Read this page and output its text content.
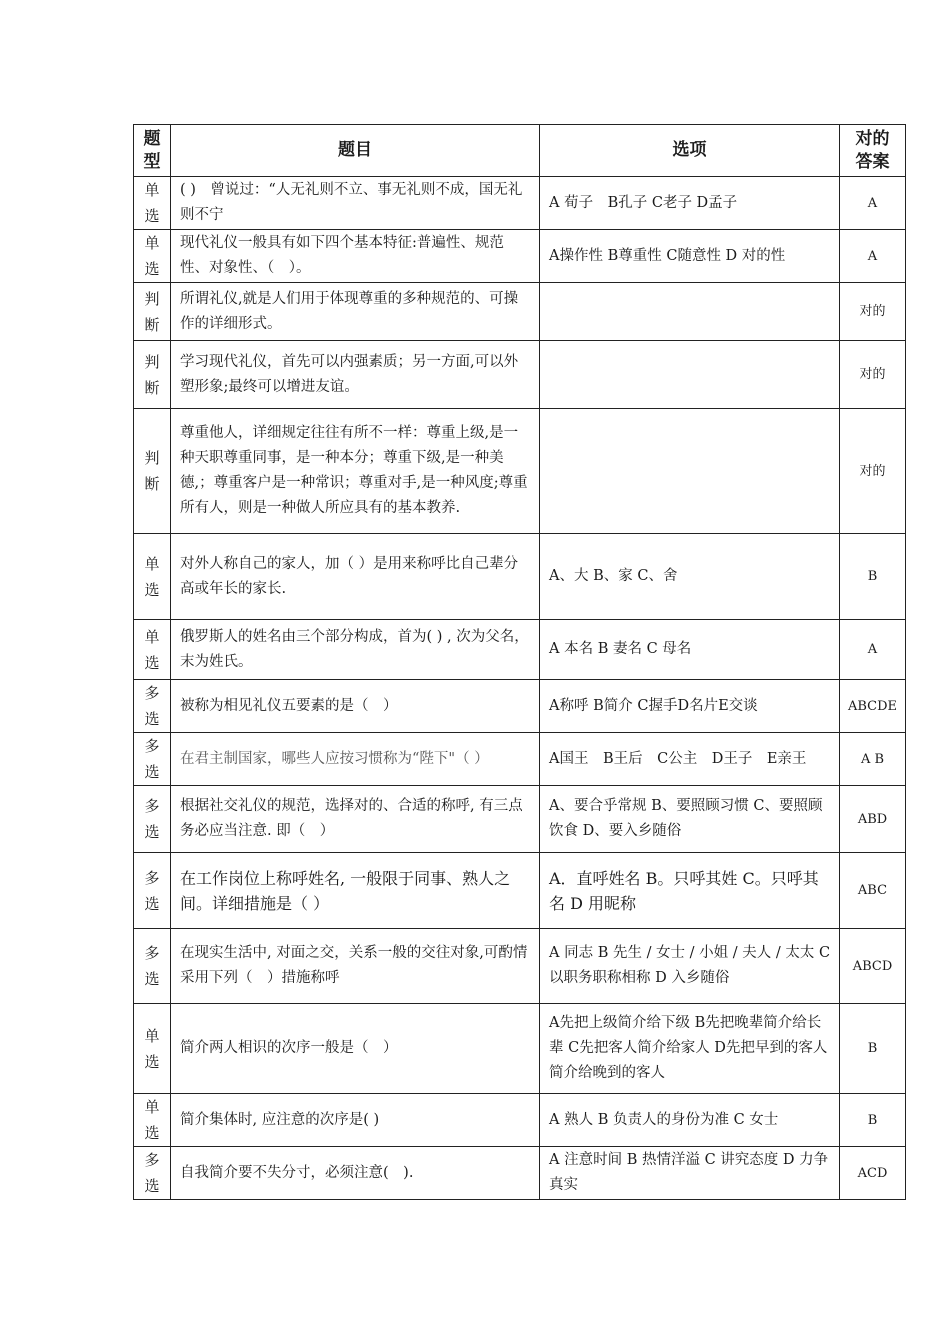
题型	题目	选项	对的答案
单选	( )　曾说过：“人无礼则不立、事无礼则不成，国无礼则不宁	A 荀子　B孔子 C老子 D孟子	A
单选	现代礼仪一般具有如下四个基本特征:普遍性、规范性、对象性、（　）。	A操作性 B尊重性 C随意性 D 对的性	A
判断	所谓礼仪,就是人们用于体现尊重的多种规范的、可操作的详细形式。		对的
判断	学习现代礼仪，首先可以内强素质；另一方面,可以外塑形象;最终可以增进友谊。		对的
判断	尊重他人，详细规定往往有所不一样：尊重上级,是一种天职尊重同事，是一种本分；尊重下级,是一种美德,；尊重客户是一种常识；尊重对手,是一种风度;尊重所有人，则是一种做人所应具有的基本教养.		对的
单选	对外人称自己的家人，加（ ）是用来称呼比自己辈分高或年长的家长.	A、大 B、家 C、舍	B
单选	俄罗斯人的姓名由三个部分构成，首为( ) , 次为父名，末为姓氏。	A 本名 B 妻名 C 母名	A
多选	被称为相见礼仪五要素的是（　）	A称呼 B简介 C握手D名片E交谈	ABCDE
多选	在君主制国家，哪些人应按习惯称为“陛下"（ ）	A国王　B王后　C公主　D王子　E亲王	A B
多选	根据社交礼仪的规范，选择对的、合适的称呼, 有三点务必应当注意. 即（　）	A、要合乎常规 B、要照顾习惯 C、要照顾饮食 D、要入乡随俗	ABD
多选	在工作岗位上称呼姓名, 一般限于同事、熟人之间。详细措施是（ ）	A．直呼姓名 B。只呼其姓 C。只呼其名 D 用昵称	ABC
多选	在现实生活中, 对面之交，关系一般的交往对象,可酌情采用下列（　）措施称呼	A 同志 B 先生 / 女士 / 小姐 / 夫人 / 太太 C 以职务职称相称 D 入乡随俗	ABCD
单选	简介两人相识的次序一般是（　）	A先把上级简介给下级 B先把晚辈简介给长辈 C先把客人简介给家人 D先把早到的客人简介给晚到的客人	B
单选	简介集体时, 应注意的次序是( )	A 熟人 B 负责人的身份为准 C 女士	B
多选	自我简介要不失分寸，必须注意(　).	A 注意时间 B 热情洋溢 C 讲究态度 D 力争真实	ACD
